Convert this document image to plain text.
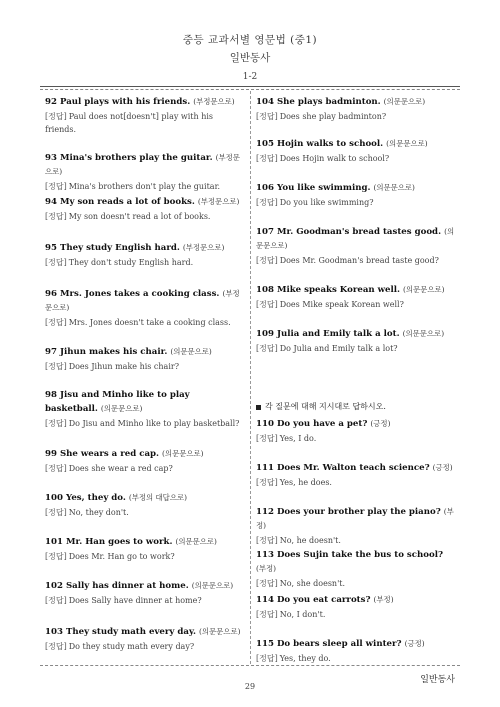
중등 교과서별 영문법 (중1)
일반동사
1-2
92 Paul plays with his friends. (부정문으로)
[정답] Paul does not[doesn't] play with his friends.
93 Mina's brothers play the guitar. (부정문으로)
[정답] Mina's brothers don't play the guitar.
94 My son reads a lot of books. (부정문으로)
[정답] My son doesn't read a lot of books.
95 They study English hard. (부정문으로)
[정답] They don't study English hard.
96 Mrs. Jones takes a cooking class. (부정문으로)
[정답] Mrs. Jones doesn't take a cooking class.
97 Jihun makes his chair. (의문문으로)
[정답] Does Jihun make his chair?
98 Jisu and Minho like to play basketball. (의문문으로)
[정답] Do Jisu and Minho like to play basketball?
99 She wears a red cap. (의문문으로)
[정답] Does she wear a red cap?
100 Yes, they do. (부정의 대답으로)
[정답] No, they don't.
101 Mr. Han goes to work. (의문문으로)
[정답] Does Mr. Han go to work?
102 Sally has dinner at home. (의문문으로)
[정답] Does Sally have dinner at home?
103 They study math every day. (의문문으로)
[정답] Do they study math every day?
104 She plays badminton. (의문문으로)
[정답] Does she play badminton?
105 Hojin walks to school. (의문문으로)
[정답] Does Hojin walk to school?
106 You like swimming. (의문문으로)
[정답] Do you like swimming?
107 Mr. Goodman's bread tastes good. (의문문으로)
[정답] Does Mr. Goodman's bread taste good?
108 Mike speaks Korean well. (의문문으로)
[정답] Does Mike speak Korean well?
109 Julia and Emily talk a lot. (의문문으로)
[정답] Do Julia and Emily talk a lot?
각 질문에 대해 지시대로 답하시오.
110 Do you have a pet? (긍정)
[정답] Yes, I do.
111 Does Mr. Walton teach science? (긍정)
[정답] Yes, he does.
112 Does your brother play the piano? (부정)
[정답] No, he doesn't.
113 Does Sujin take the bus to school? (부정)
[정답] No, she doesn't.
114 Do you eat carrots? (부정)
[정답] No, I don't.
115 Do bears sleep all winter? (긍정)
[정답] Yes, they do.
일반동사
29
